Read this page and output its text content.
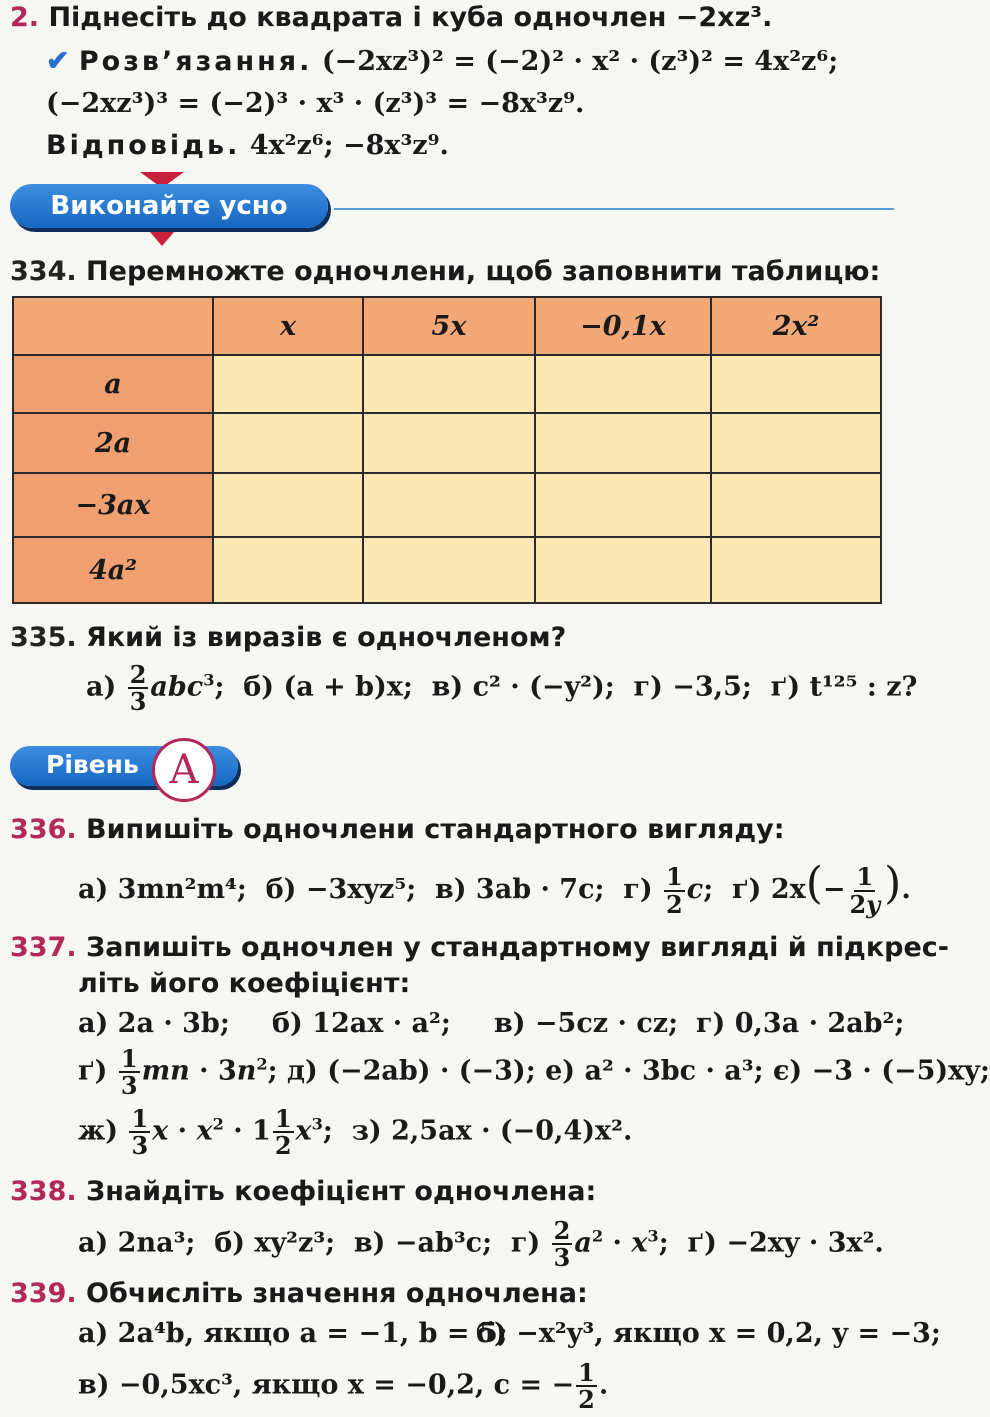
2. Піднесіть до квадрата і куба одночлен −2xz³.
✔ Розв’язання. (−2xz³)² = (−2)² · x² · (z³)² = 4x²z⁶;
(−2xz³)³ = (−2)³ · x³ · (z³)³ = −8x³z⁹.
Відповідь. 4x²z⁶; −8x³z⁹.
Виконайте усно
334. Перемножте одночлени, щоб заповнити таблицю:
	x	5x	−0,1x	2x²
a				
2a				
−3ax				
4a²				
335. Який із виразів є одночленом?
$а) \frac{2}{3} abc^3$;  б) (a + b)x; в) c² · (−y²); г) −3,5; ґ) t¹²⁵ : z?
Рівень А
336. Випишіть одночлени стандартного вигляду:
а) 3mn²m⁴; б) −3xyz⁵; в) 3ab · 7c; $г) \frac{1}{2} c$;  ґ) $2x(- \frac{1}{2y}$ ).
337. Запишіть одночлен у стандартному вигляді й підкрес-
літь його коефіцієнт:
а) 2a · 3b; б) 12ax · a²; в) −5cz · cz; г) 0,3a · 2ab²;
$ґ) \frac{1}{3}$ mn · $3n^2$; д) (−2ab) · (−3); е) a² · 3bc · a³; є) −3 · (−5)xy;
$ж) \frac{1}{3}$ $x \cdot x^2 \cdot 1 \frac{1}{2} x^3$;  з) 2,5ax · (−0,4)x².
338. Знайдіть коефіцієнт одночлена:
а) 2na³; б) xy²z³; в) −ab³c; $г) \frac{2}{3} a^2 \cdot x^3$;  ґ) −2xy · 3x².
339. Обчисліть значення одночлена:
а) 2a⁴b, якщо a = −1, b = 5;
б) −x²y³, якщо x = 0,2, y = −3;
в) −0,5xc³, якщо x = −0,2, c = − $\frac{1}{2}$ .
